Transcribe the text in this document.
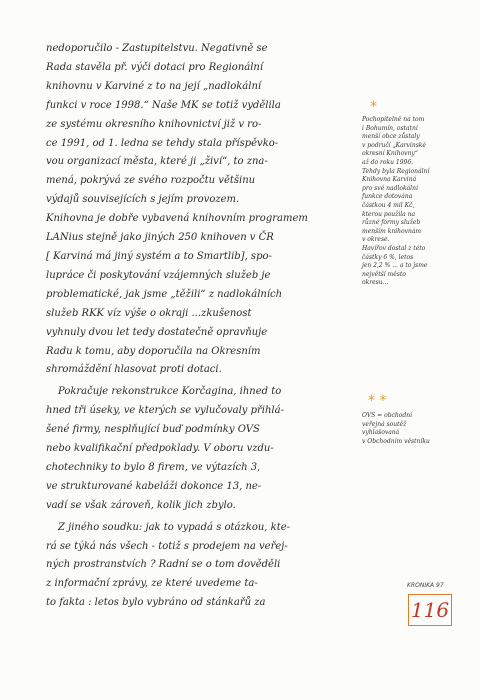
nedoporučilo - Zastupitelstvu. Negativně se
Rada stavěla př. výči dotaci pro Regionální
knihovnu v Karviné z to na její „nadlokální
funkci v roce 1998.“ Naše MK se totiž vydělila
ze systému okresního knihovnictví již v ro-
ce 1991, od 1. ledna se tehdy stala příspěvko-
vou organizací města, které ji „živí“, to zna-
mená, pokrývá ze svého rozpočtu většinu
výdajů souvisejících s jejím provozem.
Knihovna je dobře vybavená knihovním programem
LANius stejně jako jiných 250 knihoven v ČR
[ Karviná má jiný systém a to Smartlib], spo-
lupráce či poskytování vzájemných služeb je
problematické, jak jsme „těžili“ z nadlokálních
služeb RKK víz výše o okraji ...zkušenost
vyhnuly dvou let tedy dostatečně opravňuje
Radu k tomu, aby doporučila na Okresním
shromáždění hlasovat proti dotaci.

Pokračuje rekonstrukce Korčagina, ihned to
hned tři úseky, ve kterých se vylučovaly přihlá-
šené firmy, nesplňující buď podmínky OVS
nebo kvalifikační předpoklady. V oboru vzdu-
chotechniky to bylo 8 firem, ve výtazích 3,
ve strukturované kabeláži dokonce 13, ne-
vadí se však zároveň, kolik jich zbylo.

Z jiného soudku: jak to vypadá s otázkou, kte-
rá se týká nás všech - totiž s prodejem na veřej-
ných prostranstvích ? Radní se o tom dověděli
z informační zprávy, ze které uvedeme ta-
to fakta : letos bylo vybráno od stánkařů za

*
Pochopitelně na tom
i Bohumín, ostatní
menší obce zůstaly
v područí „Karvinské
okresní Knihovny“
až do roku 1996.
Tehdy byla Regionální
Knihovna Karviná
pro své nadlokální
funkce dotována
částkou 4 mil Kč,
kterou použila na
různé formy služeb
menším knihovnám
v okrese.
Havířov dostal z této
částky 6 %, letos
jen 2,2 % ... a to jsme
největší město
okresu...
* *
OVS = obchodní
veřejná soutěž
vyhlašovaná
v Obchodním věstníku
KRONIKA 97
116
